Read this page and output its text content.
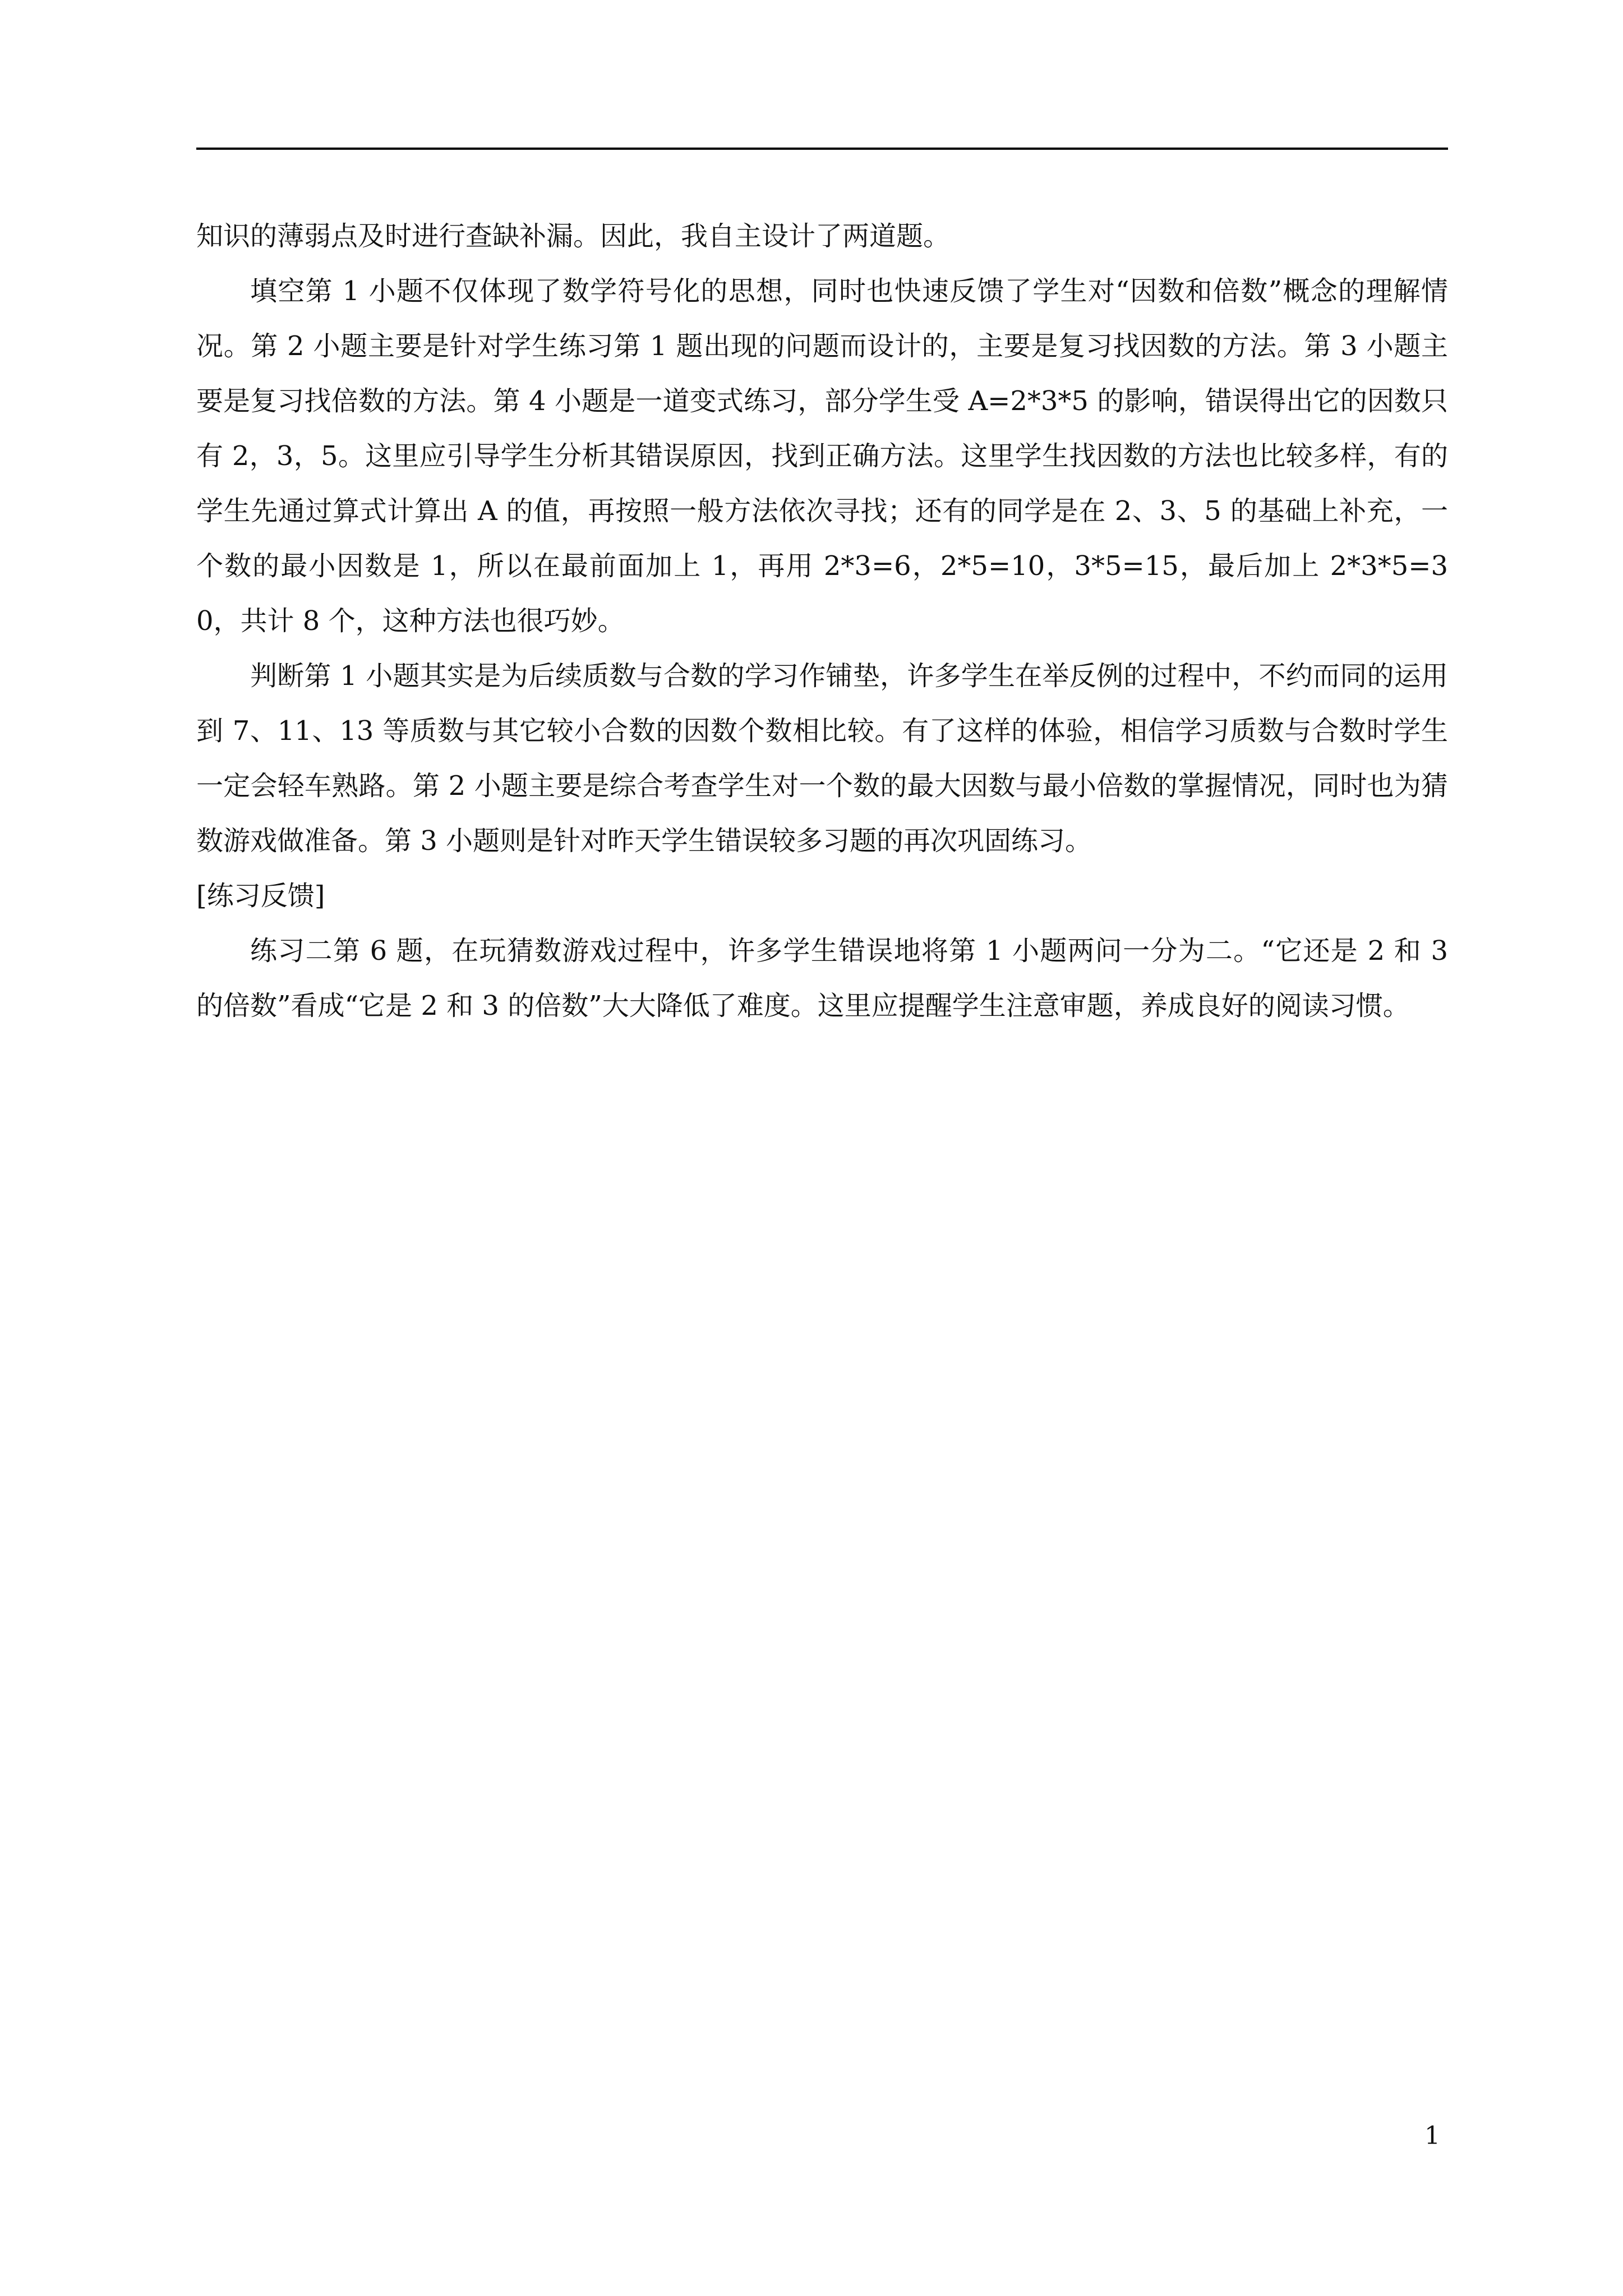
知识的薄弱点及时进行查缺补漏。因此，我自主设计了两道题。

填空第 1 小题不仅体现了数学符号化的思想，同时也快速反馈了学生对“因数和倍数”概念的理解情况。第 2 小题主要是针对学生练习第 1 题出现的问题而设计的，主要是复习找因数的方法。第 3 小题主要是复习找倍数的方法。第 4 小题是一道变式练习，部分学生受 A=2*3*5 的影响，错误得出它的因数只有 2，3，5。这里应引导学生分析其错误原因，找到正确方法。这里学生找因数的方法也比较多样，有的学生先通过算式计算出 A 的值，再按照一般方法依次寻找；还有的同学是在 2、3、5 的基础上补充，一个数的最小因数是 1，所以在最前面加上 1，再用 2*3=6，2*5=10，3*5=15，最后加上 2*3*5=30，共计 8 个，这种方法也很巧妙。

判断第 1 小题其实是为后续质数与合数的学习作铺垫，许多学生在举反例的过程中，不约而同的运用到 7、11、13 等质数与其它较小合数的因数个数相比较。有了这样的体验，相信学习质数与合数时学生一定会轻车熟路。第 2 小题主要是综合考查学生对一个数的最大因数与最小倍数的掌握情况，同时也为猜数游戏做准备。第 3 小题则是针对昨天学生错误较多习题的再次巩固练习。

[练习反馈]

练习二第 6 题，在玩猜数游戏过程中，许多学生错误地将第 1 小题两问一分为二。“它还是 2 和 3 的倍数”看成“它是 2 和 3 的倍数”大大降低了难度。这里应提醒学生注意审题，养成良好的阅读习惯。

1
